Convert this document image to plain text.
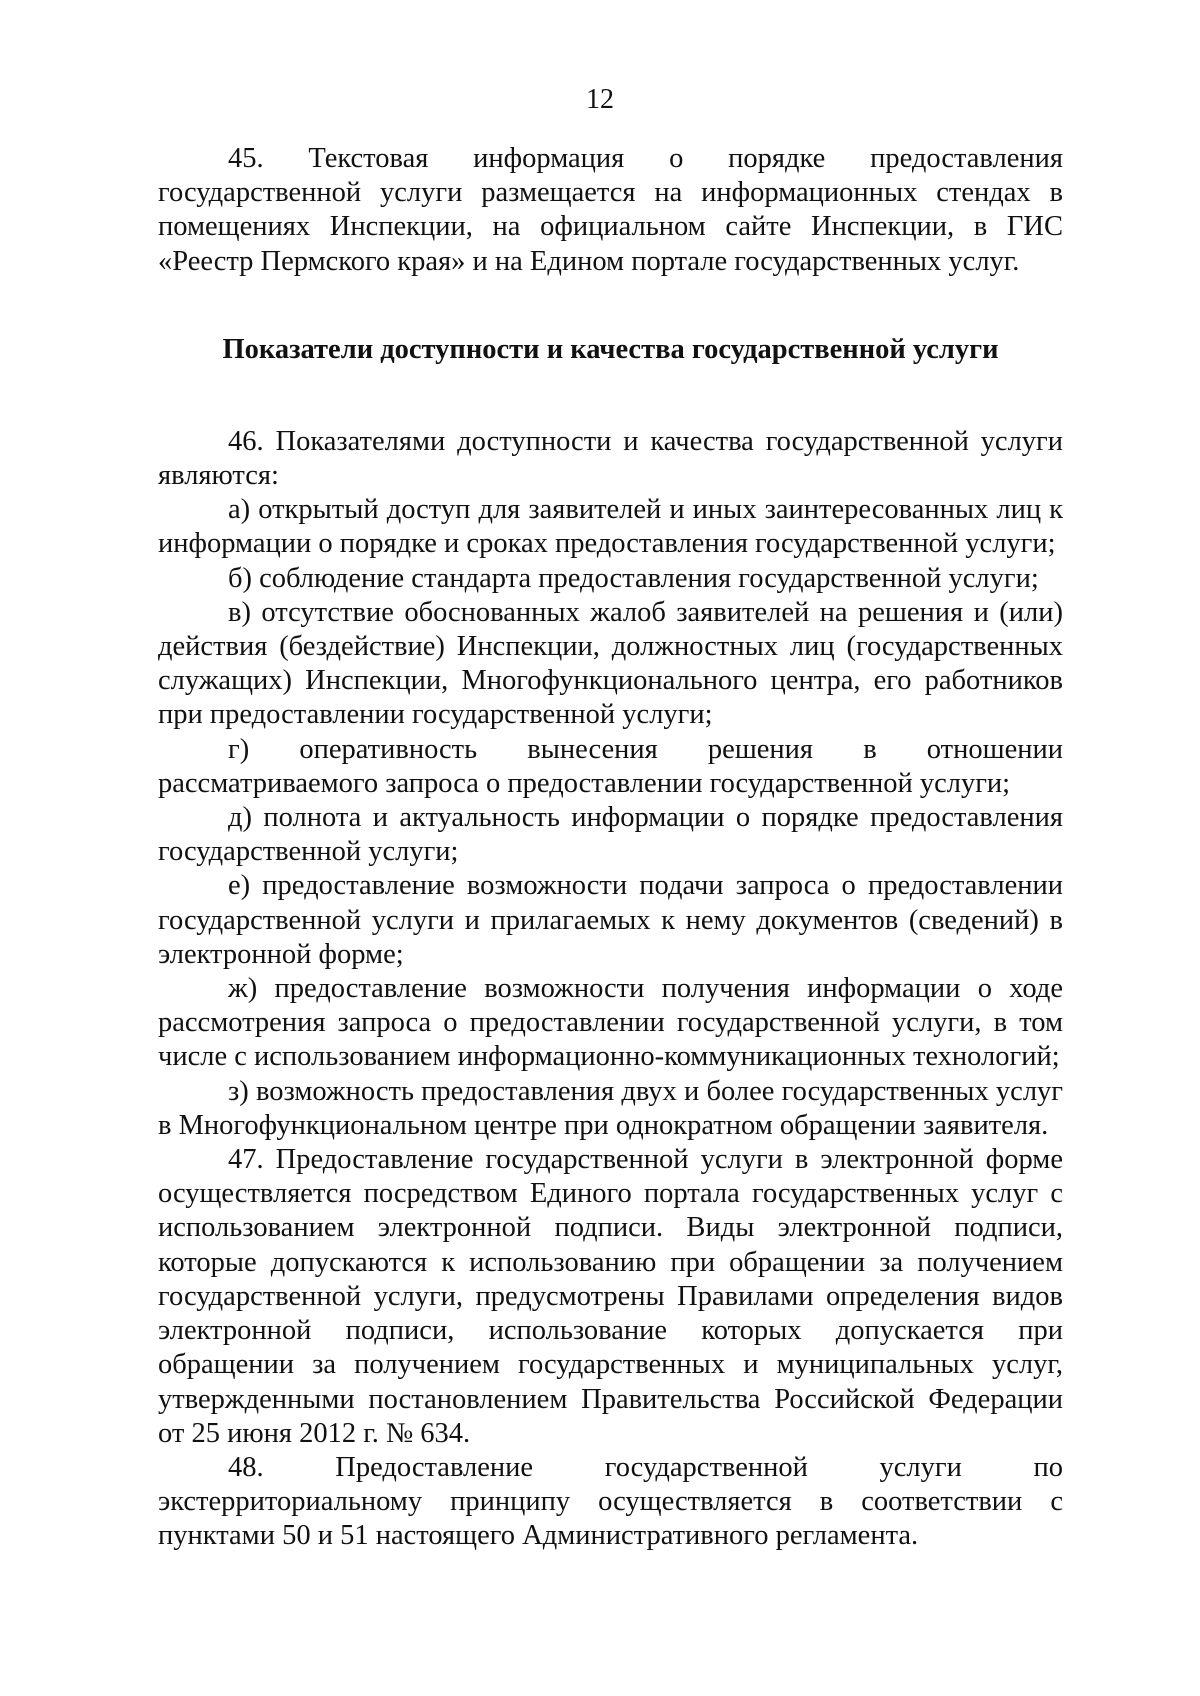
12

45. Текстовая информация о порядке предоставления государственной услуги размещается на информационных стендах в помещениях Инспекции, на официальном сайте Инспекции, в ГИС «Реестр Пермского края» и на Едином портале государственных услуг.

Показатели доступности и качества государственной услуги

46. Показателями доступности и качества государственной услуги являются:

а) открытый доступ для заявителей и иных заинтересованных лиц к информации о порядке и сроках предоставления государственной услуги;

б) соблюдение стандарта предоставления государственной услуги;

в) отсутствие обоснованных жалоб заявителей на решения и (или) действия (бездействие) Инспекции, должностных лиц (государственных служащих) Инспекции, Многофункционального центра, его работников при предоставлении государственной услуги;

г) оперативность вынесения решения в отношении рассматриваемого запроса о предоставлении государственной услуги;

д) полнота и актуальность информации о порядке предоставления государственной услуги;

е) предоставление возможности подачи запроса о предоставлении государственной услуги и прилагаемых к нему документов (сведений) в электронной форме;

ж) предоставление возможности получения информации о ходе рассмотрения запроса о предоставлении государственной услуги, в том числе с использованием информационно-коммуникационных технологий;

з) возможность предоставления двух и более государственных услуг в Многофункциональном центре при однократном обращении заявителя.

47. Предоставление государственной услуги в электронной форме осуществляется посредством Единого портала государственных услуг с использованием электронной подписи. Виды электронной подписи, которые допускаются к использованию при обращении за получением государственной услуги, предусмотрены Правилами определения видов электронной подписи, использование которых допускается при обращении за получением государственных и муниципальных услуг, утвержденными постановлением Правительства Российской Федерации от 25 июня 2012 г. № 634.

48. Предоставление государственной услуги по экстерриториальному принципу осуществляется в соответствии с пунктами 50 и 51 настоящего Административного регламента.
